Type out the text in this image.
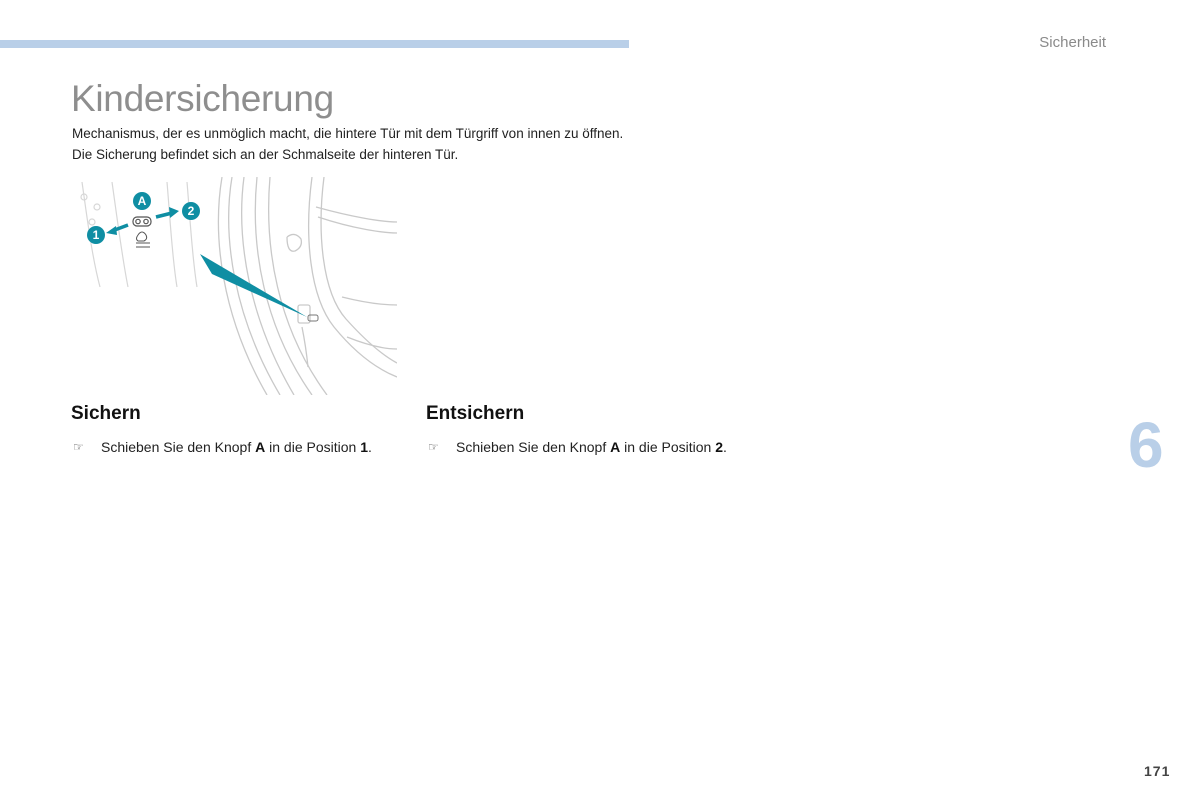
Sicherheit
Kindersicherung

Mechanismus, der es unmöglich macht, die hintere Tür mit dem Türgriff von innen zu öffnen.

Die Sicherung befindet sich an der Schmalseite der hinteren Tür.

A
1
2
Sichern
☞	Schieben Sie den Knopf A in die Position 1.
Entsichern
☞	Schieben Sie den Knopf A in die Position 2.	6
171
